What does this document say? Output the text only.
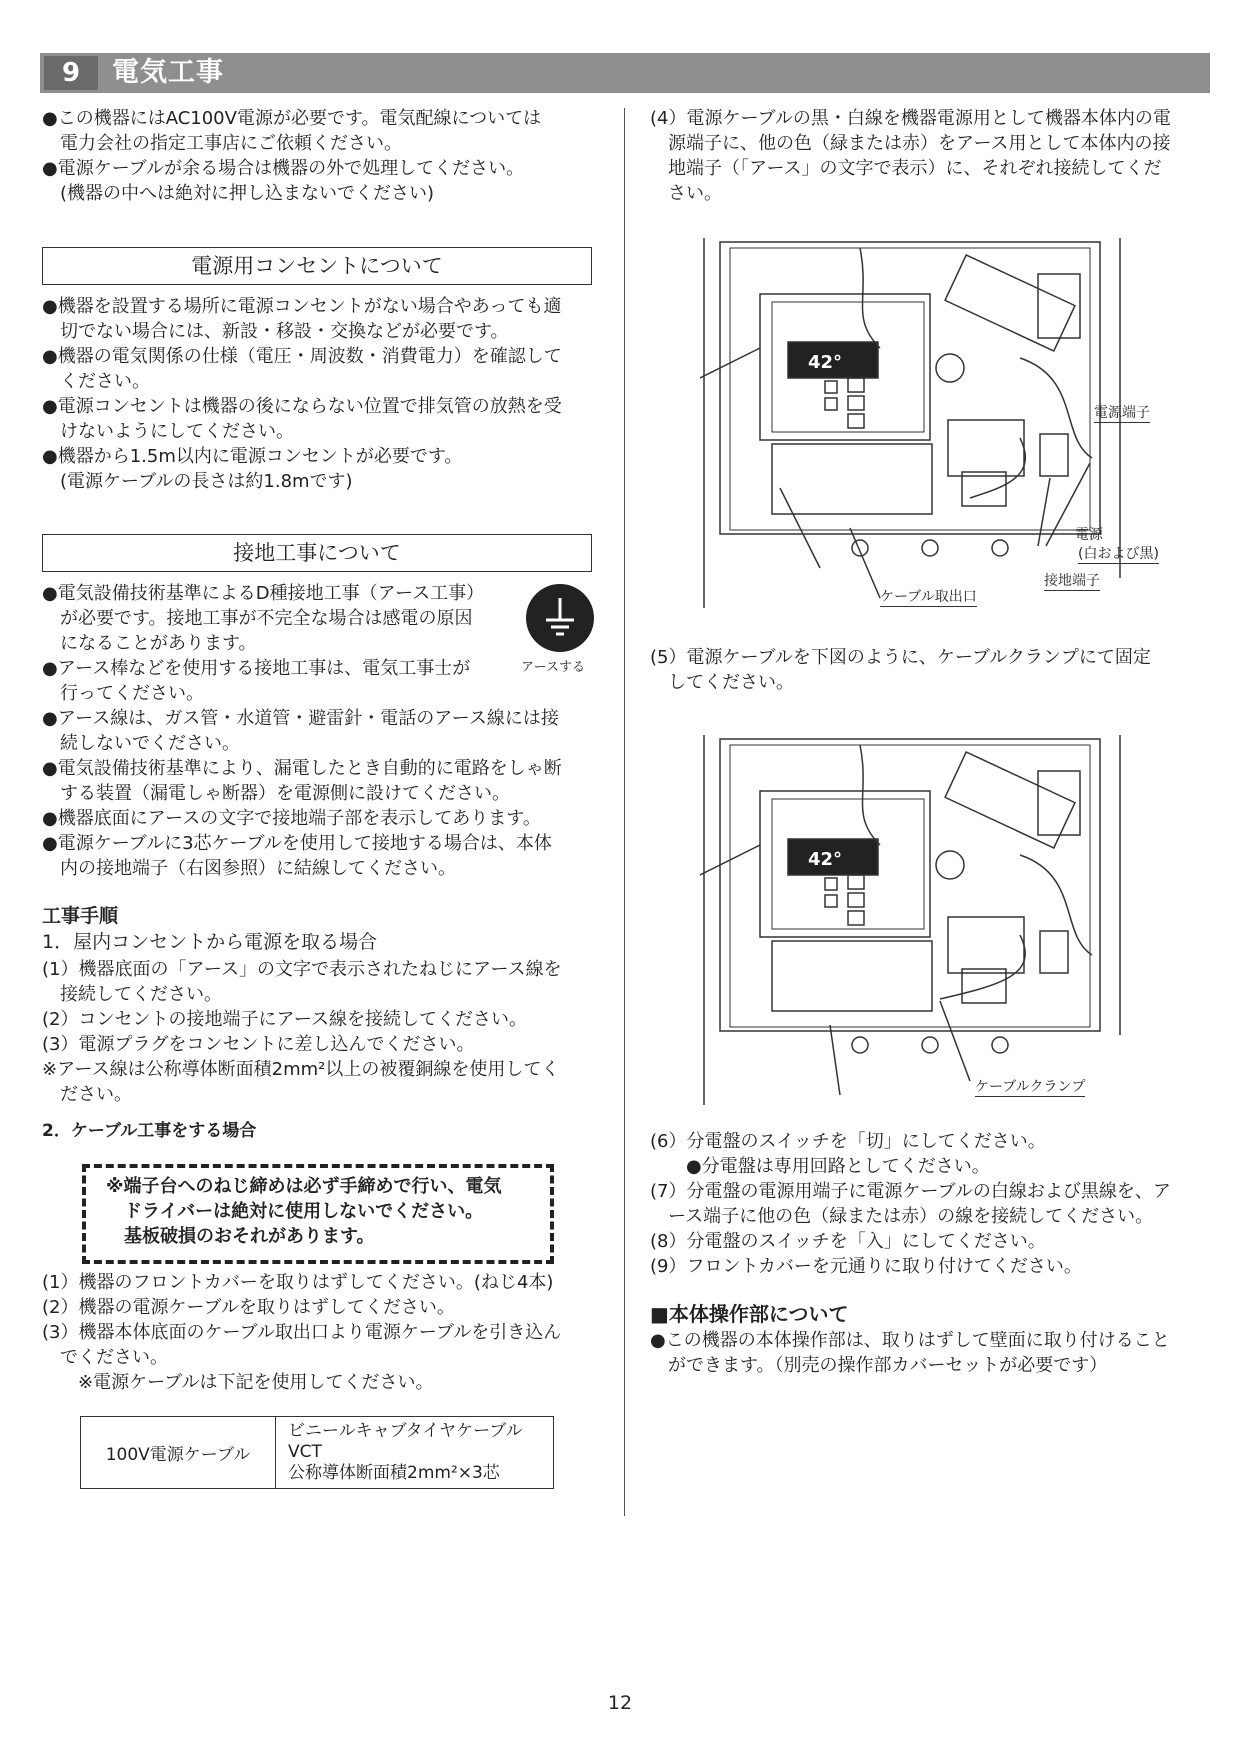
9	電気工事
●この機器にはAC100V電源が必要です。電気配線については
　電力会社の指定工事店にご依頼ください。
●電源ケーブルが余る場合は機器の外で処理してください。
　(機器の中へは絶対に押し込まないでください)
電源用コンセントについて
●機器を設置する場所に電源コンセントがない場合やあっても適
　切でない場合には、新設・移設・交換などが必要です。
●機器の電気関係の仕様（電圧・周波数・消費電力）を確認して
　ください。
●電源コンセントは機器の後にならない位置で排気管の放熱を受
　けないようにしてください。
●機器から1.5m以内に電源コンセントが必要です。
　(電源ケーブルの長さは約1.8mです)
接地工事について
●電気設備技術基準によるD種接地工事（アース工事）
　が必要です。接地工事が不完全な場合は感電の原因
　になることがあります。
●アース棒などを使用する接地工事は、電気工事士が
　行ってください。
●アース線は、ガス管・水道管・避雷針・電話のアース線には接
　続しないでください。
●電気設備技術基準により、漏電したとき自動的に電路をしゃ断
　する装置（漏電しゃ断器）を電源側に設けてください。
●機器底面にアースの文字で接地端子部を表示してあります。
●電源ケーブルに3芯ケーブルを使用して接地する場合は、本体
　内の接地端子（右図参照）に結線してください。
アースする
工事手順
1．屋内コンセントから電源を取る場合
(1）機器底面の「アース」の文字で表示されたねじにアース線を
　接続してください。
(2）コンセントの接地端子にアース線を接続してください。
(3）電源プラグをコンセントに差し込んでください。
※アース線は公称導体断面積2mm²以上の被覆銅線を使用してく
　ださい。
2．ケーブル工事をする場合
※端子台へのねじ締めは必ず手締めで行い、電気
　ドライバーは絶対に使用しないでください。
　基板破損のおそれがあります。
(1）機器のフロントカバーを取りはずしてください。(ねじ4本)
(2）機器の電源ケーブルを取りはずしてください。
(3）機器本体底面のケーブル取出口より電源ケーブルを引き込ん
　でください。
　　※電源ケーブルは下記を使用してください。
100V電源ケーブル	
ビニールキャブタイヤケーブル
VCT
公称導体断面積2mm²×3芯
(4）電源ケーブルの黒・白線を機器電源用として機器本体内の電
　源端子に、他の色（緑または赤）をアース用として本体内の接
　地端子（「アース」の文字で表示）に、それぞれ接続してくだ
　さい。
42°
電源端子
電源
(白および黒)
接地端子
ケーブル取出口
(5）電源ケーブルを下図のように、ケーブルクランプにて固定
　してください。
42°
ケーブルクランプ
(6）分電盤のスイッチを「切」にしてください。
　　●分電盤は専用回路としてください。
(7）分電盤の電源用端子に電源ケーブルの白線および黒線を、ア
　ース端子に他の色（緑または赤）の線を接続してください。
(8）分電盤のスイッチを「入」にしてください。
(9）フロントカバーを元通りに取り付けてください。
■本体操作部について
●この機器の本体操作部は、取りはずして壁面に取り付けること
　ができます。（別売の操作部カバーセットが必要です）
12
